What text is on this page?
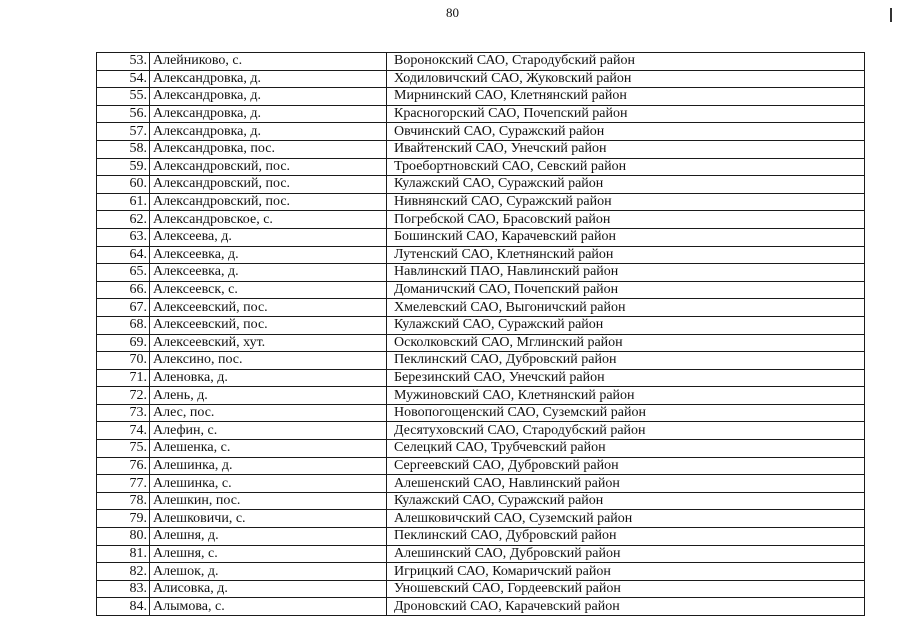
80
53.	Алейниково, с.	Воронокский САО, Стародубский район
54.	Александровка, д.	Ходиловичский САО, Жуковский район
55.	Александровка, д.	Мирнинский САО, Клетнянский район
56.	Александровка, д.	Красногорский САО, Почепский район
57.	Александровка, д.	Овчинский САО, Суражский район
58.	Александровка, пос.	Ивайтенский САО, Унечский район
59.	Александровский, пос.	Троебортновский САО, Севский район
60.	Александровский, пос.	Кулажский САО, Суражский район
61.	Александровский, пос.	Нивнянский САО, Суражский район
62.	Александровское, с.	Погребской САО, Брасовский район
63.	Алексеева, д.	Бошинский САО, Карачевский район
64.	Алексеевка, д.	Лутенский САО, Клетнянский район
65.	Алексеевка, д.	Навлинский ПАО, Навлинский район
66.	Алексеевск, с.	Доманичский САО, Почепский район
67.	Алексеевский, пос.	Хмелевский САО, Выгоничский район
68.	Алексеевский, пос.	Кулажский САО, Суражский район
69.	Алексеевский, хут.	Осколковский САО, Мглинский район
70.	Алексино, пос.	Пеклинский САО, Дубровский район
71.	Аленовка, д.	Березинский САО, Унечский район
72.	Алень, д.	Мужиновский САО, Клетнянский район
73.	Алес, пос.	Новопогощенский САО, Суземский район
74.	Алефин, с.	Десятуховский САО, Стародубский район
75.	Алешенка, с.	Селецкий САО, Трубчевский район
76.	Алешинка, д.	Сергеевский САО, Дубровский район
77.	Алешинка, с.	Алешенский САО, Навлинский район
78.	Алешкин, пос.	Кулажский САО, Суражский район
79.	Алешковичи, с.	Алешковичский САО, Суземский район
80.	Алешня, д.	Пеклинский САО, Дубровский район
81.	Алешня, с.	Алешинский САО, Дубровский район
82.	Алешок, д.	Игрицкий САО, Комаричский район
83.	Алисовка, д.	Уношевский САО, Гордеевский район
84.	Алымова, с.	Дроновский САО, Карачевский район
